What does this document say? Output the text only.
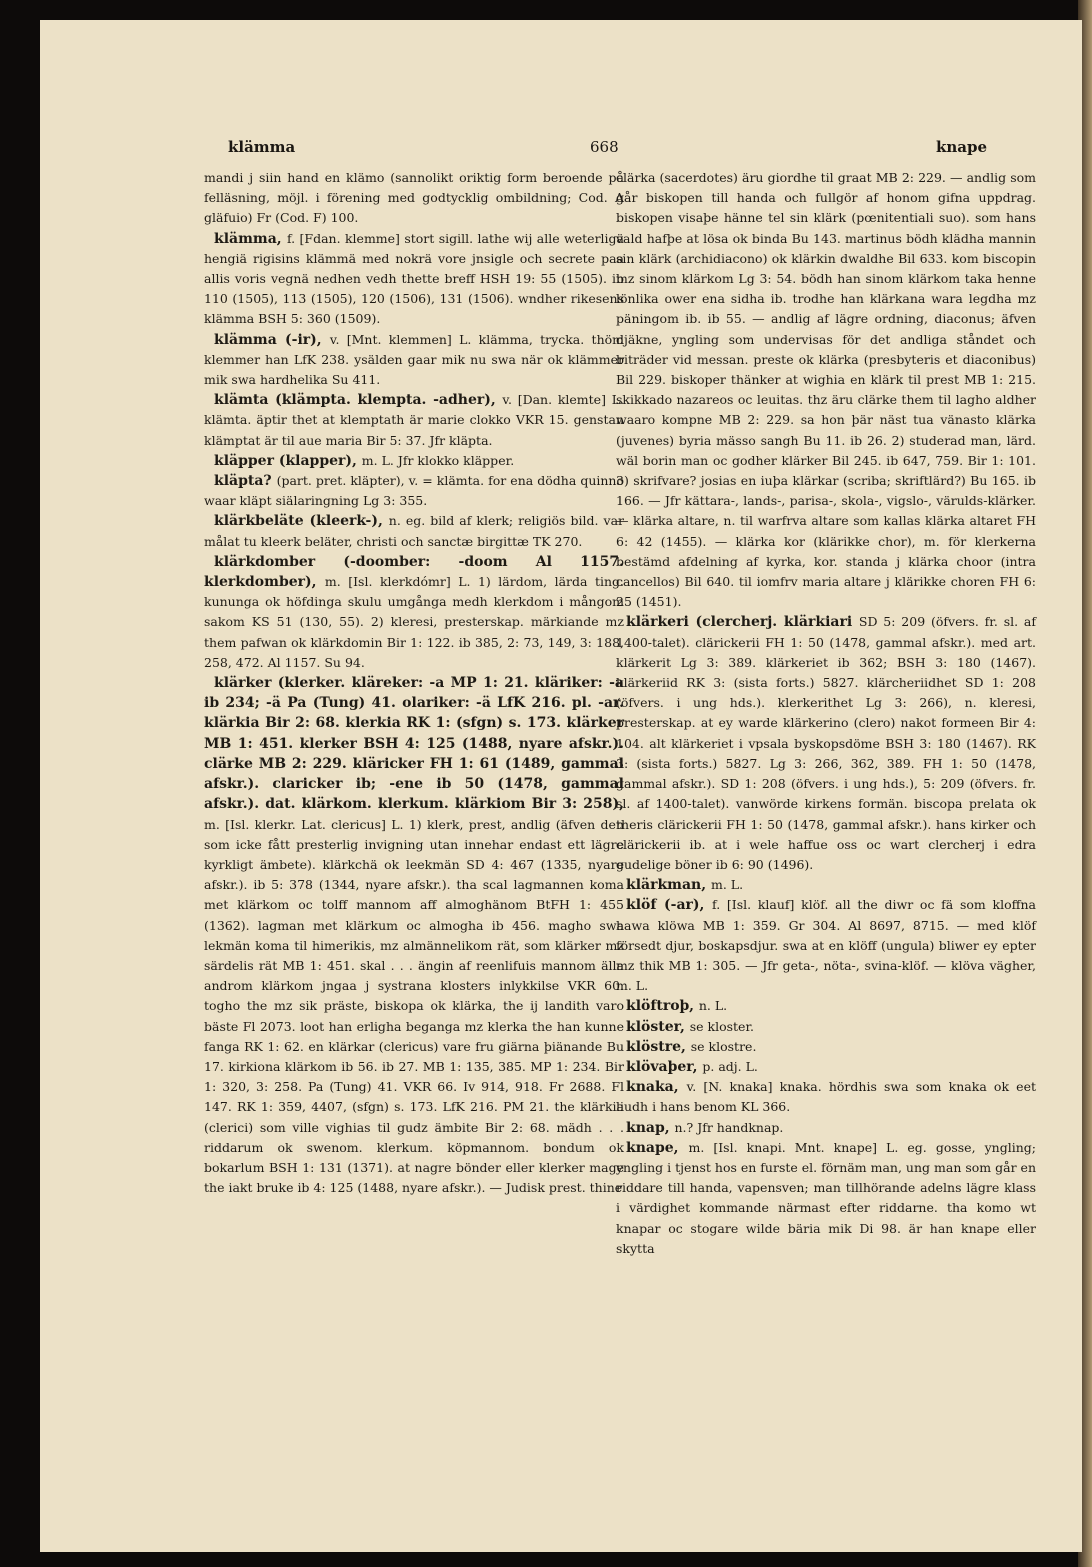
klämma	668	knape

mandi j siin hand en klämo (sannolikt oriktig form beroende på felläsning, möjl. i förening med godtycklig ombildning; Cod. A gläfuio) Fr (Cod. F) 100.

klämma, f. [Fdan. klemme] stort sigill. lathe wij alle weterligä hengiä rigisins klämmä med nokrä vore jnsigle och secrete paa allis voris vegnä nedhen vedh thette breff HSH 19: 55 (1505). ib 110 (1505), 113 (1505), 120 (1506), 131 (1506). wndher rikesens klämma BSH 5: 360 (1509).

klämma (-ir), v. [Mnt. klemmen] L. klämma, trycka. thöm klemmer han LfK 238. ysälden gaar mik nu swa när ok klämmer mik swa hardhelika Su 411.

klämta (klämpta. klempta. -adher), v. [Dan. klemte] L. klämta. äptir thet at klemptath är marie clokko VKR 15. genstan klämptat är til aue maria Bir 5: 37. Jfr kläpta.

kläpper (klapper), m. L. Jfr klokko kläpper.

kläpta? (part. pret. kläpter), v. = klämta. for ena dödha quinno waar kläpt siälaringning Lg 3: 355.

klärkbeläte (kleerk-), n. eg. bild af klerk; religiös bild. var målat tu kleerk beläter, christi och sanctæ birgittæ TK 270.

klärkdomber (-doomber: -doom Al 1157. klerkdomber), m. [Isl. klerkdómr] L. 1) lärdom, lärda ting. kununga ok höfdinga skulu umgånga medh klerkdom i mångom sakom KS 51 (130, 55). 2) kleresi, presterskap. märkiande mz them pafwan ok klärkdomin Bir 1: 122. ib 385, 2: 73, 149, 3: 188, 258, 472. Al 1157. Su 94.

klärker (klerker. kläreker: -a MP 1: 21. kläriker: -a ib 234; -ä Pa (Tung) 41. olariker: -ä LfK 216. pl. -ar. klärkia Bir 2: 68. klerkia RK 1: (sfgn) s. 173. klärker MB 1: 451. klerker BSH 4: 125 (1488, nyare afskr.). clärke MB 2: 229. kläricker FH 1: 61 (1489, gammal afskr.). claricker ib; -ene ib 50 (1478, gammal afskr.). dat. klärkom. klerkum. klärkiom Bir 3: 258), m. [Isl. klerkr. Lat. clericus] L. 1) klerk, prest, andlig (äfven den som icke fått presterlig invigning utan innehar endast ett lägre kyrkligt ämbete). klärkchä ok leekmän SD 4: 467 (1335, nyare afskr.). ib 5: 378 (1344, nyare afskr.). tha scal lagmannen koma met klärkom oc tolff mannom aff almoghänom BtFH 1: 455 (1362). lagman met klärkum oc almogha ib 456. magho swa lekmän koma til himerikis, mz almännelikom rät, som klärker mz särdelis rät MB 1: 451. skal . . . ängin af reenlifuis mannom älla androm klärkom jngaa j systrana klosters inlykkilse VKR 60. togho the mz sik präste, biskopa ok klärka, the ij landith varo bäste Fl 2073. loot han erligha beganga mz klerka the han kunne fanga RK 1: 62. en klärkar (clericus) vare fru giärna þiänande Bu 17. kirkiona klärkom ib 56. ib 27. MB 1: 135, 385. MP 1: 234. Bir 1: 320, 3: 258. Pa (Tung) 41. VKR 66. Iv 914, 918. Fr 2688. Fl 147. RK 1: 359, 4407, (sfgn) s. 173. LfK 216. PM 21. the klärkia (clerici) som ville vighias til gudz ämbite Bir 2: 68. mädh . . . riddarum ok swenom. klerkum. köpmannom. bondum ok bokarlum BSH 1: 131 (1371). at nagre bönder eller klerker mage the iakt bruke ib 4: 125 (1488, nyare afskr.). — Judisk prest. thine

clärka (sacerdotes) äru giordhe til graat MB 2: 229. — andlig som går biskopen till handa och fullgör af honom gifna uppdrag. biskopen visaþe hänne tel sin klärk (pœnitentiali suo). som hans vald hafþe at lösa ok binda Bu 143. martinus bödh klädha mannin sin klärk (archidiacono) ok klärkin dwaldhe Bil 633. kom biscopin mz sinom klärkom Lg 3: 54. bödh han sinom klärkom taka henne lönlika ower ena sidha ib. trodhe han klärkana wara legdha mz päningom ib. ib 55. — andlig af lägre ordning, diaconus; äfven djäkne, yngling som undervisas för det andliga ståndet och biträder vid messan. preste ok klärka (presbyteris et diaconibus) Bil 229. biskoper thänker at wighia en klärk til prest MB 1: 215. skikkado nazareos oc leuitas. thz äru clärke them til lagho aldher waaro kompne MB 2: 229. sa hon þär näst tua vänasto klärka (juvenes) byria mässo sangh Bu 11. ib 26. 2) studerad man, lärd. wäl borin man oc godher klärker Bil 245. ib 647, 759. Bir 1: 101. 3) skrifvare? josias en iuþa klärkar (scriba; skriftlärd?) Bu 165. ib 166. — Jfr kättara-, lands-, parisa-, skola-, vigslo-, värulds-klärker. — klärka altare, n. til warfrva altare som kallas klärka altaret FH 6: 42 (1455). — klärka kor (klärikke chor), m. för klerkerna bestämd afdelning af kyrka, kor. standa j klärka choor (intra cancellos) Bil 640. til iomfrv maria altare j klärikke choren FH 6: 25 (1451).

klärkeri (clercherj. klärkiari SD 5: 209 (öfvers. fr. sl. af 1400-talet). clärickerii FH 1: 50 (1478, gammal afskr.). med art. klärkerit Lg 3: 389. klärkeriet ib 362; BSH 3: 180 (1467). klärkeriid RK 3: (sista forts.) 5827. klärcheriidhet SD 1: 208 (öfvers. i ung hds.). klerkerithet Lg 3: 266), n. kleresi, presterskap. at ey warde klärkerino (clero) nakot formeen Bir 4: 104. alt klärkeriet i vpsala byskopsdöme BSH 3: 180 (1467). RK 3: (sista forts.) 5827. Lg 3: 266, 362, 389. FH 1: 50 (1478, gammal afskr.). SD 1: 208 (öfvers. i ung hds.), 5: 209 (öfvers. fr. sl. af 1400-talet). vanwörde kirkens formän. biscopa prelata ok theris clärickerii FH 1: 50 (1478, gammal afskr.). hans kirker och clärickerii ib. at i wele haffue oss oc wart clercherj i edra gudelige böner ib 6: 90 (1496).

klärkman, m. L.

klöf (-ar), f. [Isl. klauf] klöf. all the diwr oc fä som kloffna hawa klöwa MB 1: 359. Gr 304. Al 8697, 8715. — med klöf försedt djur, boskapsdjur. swa at en klöff (ungula) bliwer ey epter mz thik MB 1: 305. — Jfr geta-, nöta-, svina-klöf. — klöva vägher, m. L.

klöftroþ, n. L.

klöster, se kloster.

klöstre, se klostre.

klövaþer, p. adj. L.

knaka, v. [N. knaka] knaka. hördhis swa som knaka ok eet liudh i hans benom KL 366.

knap, n.? Jfr handknap.

knape, m. [Isl. knapi. Mnt. knape] L. eg. gosse, yngling; yngling i tjenst hos en furste el. förnäm man, ung man som går en riddare till handa, vapensven; man tillhörande adelns lägre klass i värdighet kommande närmast efter riddarne. tha komo wt knapar oc stogare wilde bäria mik Di 98. är han knape eller skytta
